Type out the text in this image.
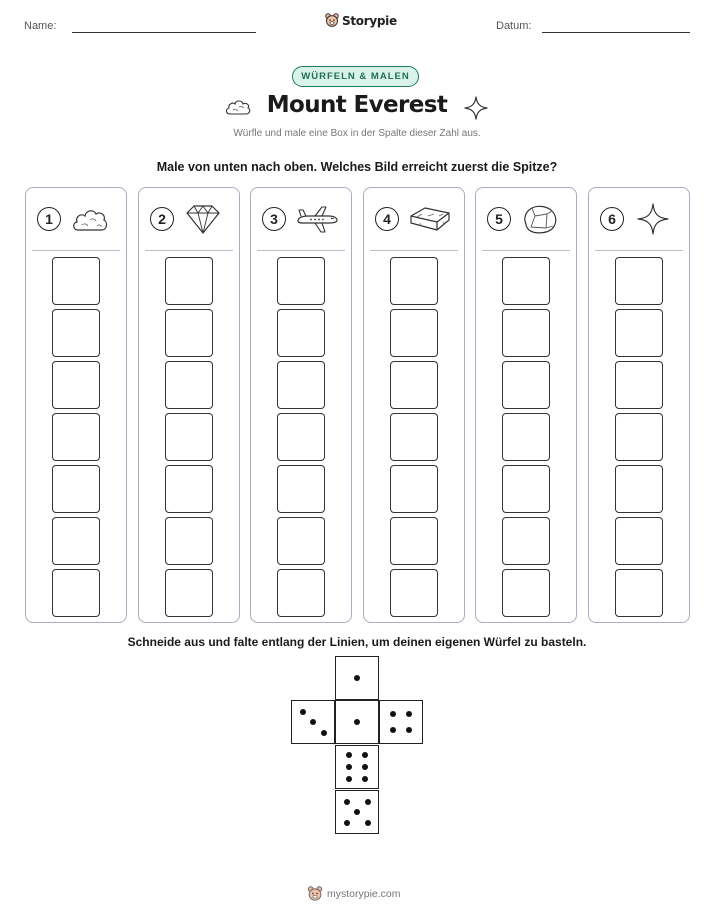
Name:	Storypie	Datum:
WÜRFELN & MALEN
Mount Everest
Würfle und male eine Box in der Spalte dieser Zahl aus.
Male von unten nach oben. Welches Bild erreicht zuerst die Spitze?
1	2	3	4	5	6
Schneide aus und falte entlang der Linien, um deinen eigenen Würfel zu basteln.
mystorypie.com
